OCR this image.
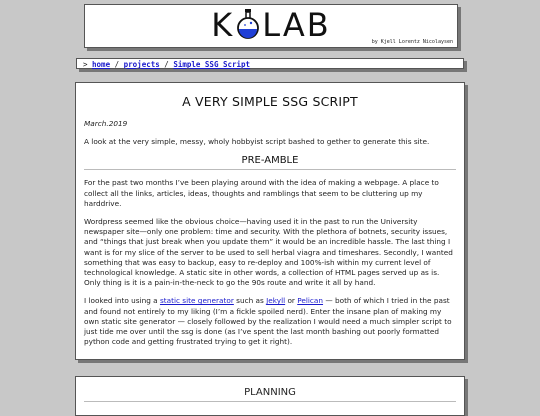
K LAB	by Kjell Lorentz Nicolaysen
> home / projects / Simple SSG Script
A VERY SIMPLE SSG SCRIPT
March.2019

A look at the very simple, messy, wholy hobbyist script bashed to gether to generate this site.

PRE-AMBLE

For the past two months I’ve been playing around with the idea of making a webpage. A place to collect all the links, articles, ideas, thoughts and ramblings that seem to be cluttering up my harddrive.

Wordpress seemed like the obvious choice—having used it in the past to run the University newspaper site—only one problem: time and security. With the plethora of botnets, security issues, and “things that just break when you update them” it would be an incredible hassle. The last thing I want is for my slice of the server to be used to sell herbal viagra and timeshares. Secondly, I wanted something that was easy to backup, easy to re-deploy and 100%-ish within my current level of technological knowledge. A static site in other words, a collection of HTML pages served up as is. Only thing is it is a pain-in-the-neck to go the 90s route and write it all by hand.

I looked into using a static site generator such as Jekyll or Pelican — both of which I tried in the past and found not entirely to my liking (I’m a fickle spoiled nerd). Enter the insane plan of making my own static site generator — closely followed by the realization I would need a much simpler script to just tide me over until the ssg is done (as I’ve spent the last month bashing out poorly formatted python code and getting frustrated trying to get it right).

PLANNING
